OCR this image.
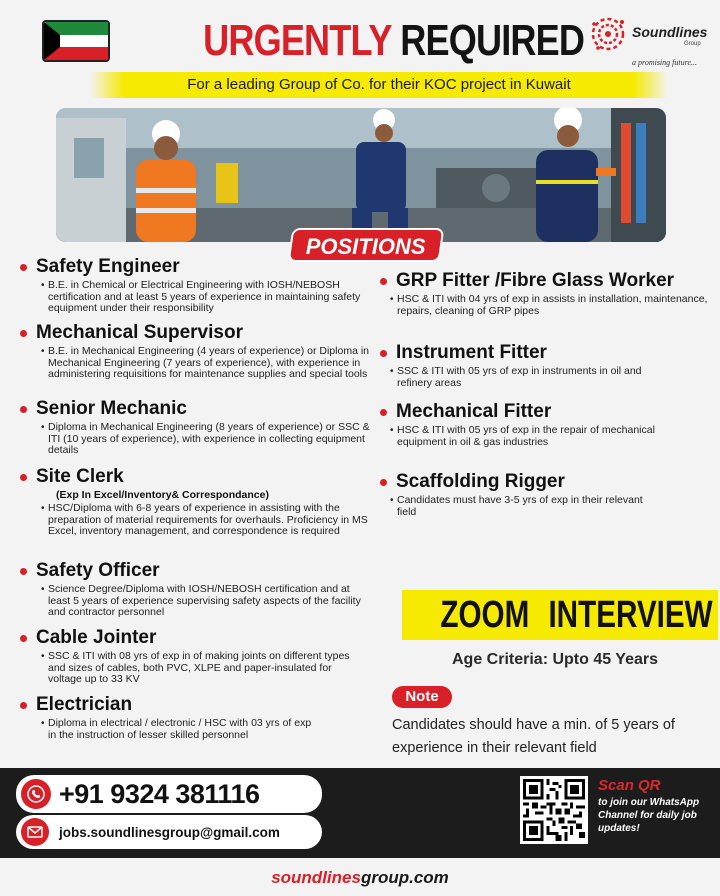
URGENTLY REQUIRED	Soundlines
Group
a promising future...
For a leading Group of Co. for their KOC project in Kuwait
POSITIONS
Safety Engineer
• B.E. in Chemical or Electrical Engineering with IOSH/NEBOSH certification and at least 5 years of experience in maintaining safety equipment under their responsibility
Mechanical Supervisor
• B.E. in Mechanical Engineering (4 years of experience) or Diploma in Mechanical Engineering (7 years of experience), with experience in administering requisitions for maintenance supplies and special tools
Senior Mechanic
• Diploma in Mechanical Engineering (8 years of experience) or SSC & ITI (10 years of experience), with experience in collecting equipment details
Site Clerk
(Exp In Excel/Inventory& Correspondance)
• HSC/Diploma with 6-8 years of experience in assisting with the preparation of material requirements for overhauls. Proficiency in MS Excel, inventory management, and correspondence is required
Safety Officer
• Science Degree/Diploma with IOSH/NEBOSH certification and at least 5 years of experience supervising safety aspects of the facility and contractor personnel
Cable Jointer
• SSC & ITI with 08 yrs of exp in of making joints on different types and sizes of cables, both PVC, XLPE and paper-insulated for voltage up to 33 KV
Electrician
• Diploma in electrical / electronic / HSC with 03 yrs of exp in the instruction of lesser skilled personnel
GRP Fitter /Fibre Glass Worker
• HSC & ITI with 04 yrs of exp in assists in installation, maintenance, repairs, cleaning of GRP pipes
Instrument Fitter
• SSC & ITI with 05 yrs of exp in instruments in oil and refinery areas
Mechanical Fitter
• HSC & ITI with 05 yrs of exp in the repair of mechanical equipment in oil & gas industries
Scaffolding Rigger
• Candidates must have 3-5 yrs of exp in their relevant field
ZOOM INTERVIEW
Age Criteria: Upto 45 Years
Note
Candidates should have a min. of 5 years of experience in their relevant field
+91 9324 381116
jobs.soundlinesgroup@gmail.com
Scan QR
to join our WhatsApp Channel for daily job updates!
soundlinesgroup.com
